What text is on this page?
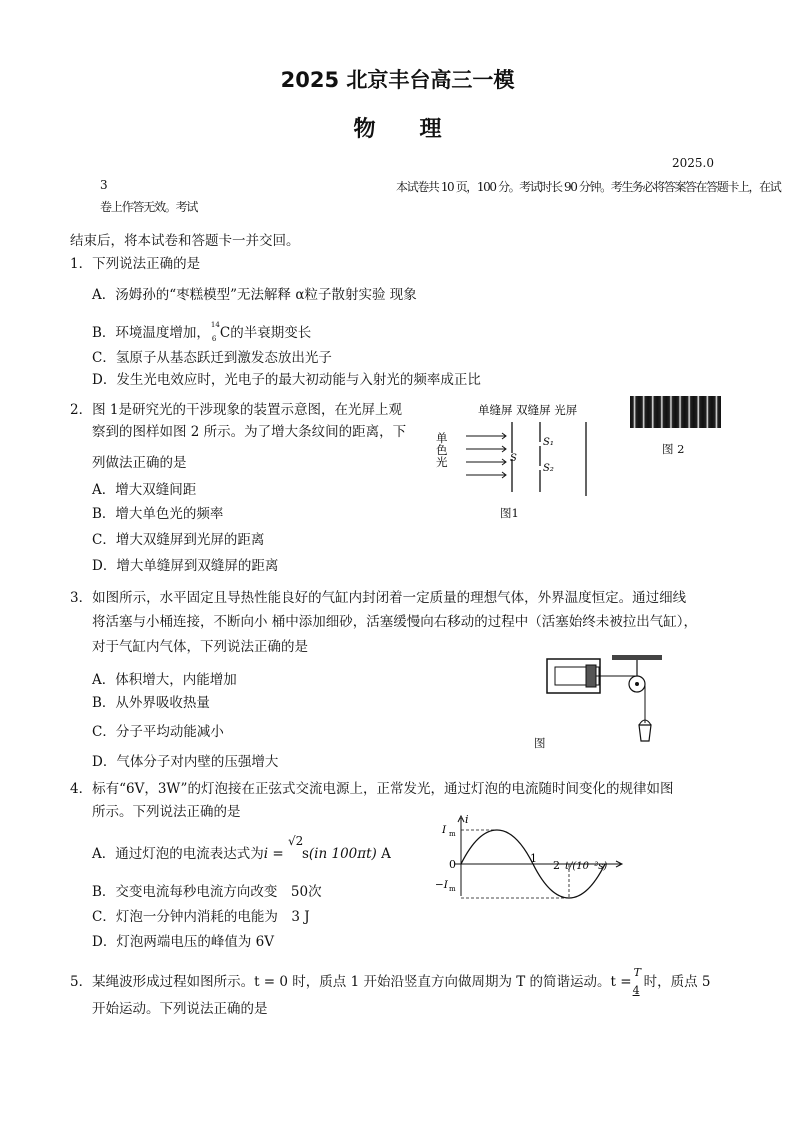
2025 北京丰台高三一模
物　　理
2025.0
3	本试卷共 10 页，100 分。考试时长 90 分钟。考生务必将答案答在答题卡上，在试
卷上作答无效。考试
结束后，将本试卷和答题卡一并交回。
1．下列说法正确的是
A．汤姆孙的“枣糕模型”无法解释 α粒子散射实验 现象
B．环境温度增加，
14
6 C的半衰期变长
C．氢原子从基态跃迁到激发态放出光子
D．发生光电效应时，光电子的最大初动能与入射光的频率成正比
2．图 1是研究光的干涉现象的装置示意图，在光屏上观
察到的图样如图 2 所示。为了增大条纹间的距离，下
列做法正确的是
A．增大双缝间距
B．增大单色光的频率
C．增大双缝屏到光屏的距离
D．增大单缝屏到双缝屏的距离
单缝屏 双缝屏 光屏
单
色
光	S
S₁
S₂
图1
图 2
3．如图所示，水平固定且导热性能良好的气缸内封闭着一定质量的理想气体，外界温度恒定。通过细线
将活塞与小桶连接，不断向小 桶中添加细砂，活塞缓慢向右移动的过程中（活塞始终未被拉出气缸），
对于气缸内气体，下列说法正确的是
A．体积增大，内能增加
B．从外界吸收热量
C．分子平均动能减小
D．气体分子对内壁的压强增大
图
4．标有“6V，3W”的灯泡接在正弦式交流电源上，正常发光，通过灯泡的电流随时间变化的规律如图
所示。下列说法正确的是
A．通过灯泡的电流表达式为i =
√2
s(in 100πt) A
B．交变电流每秒电流方向改变　50次
C．灯泡一分钟内消耗的电能为　3 J
D．灯泡两端电压的峰值为 6V
i
I m
−I m
0	1
2 t/(10⁻²s)
5．某绳波形成过程如图所示。t = 0 时，质点 1 开始沿竖直方向做周期为 T 的简谐运动。t =
T
4 时，质点 5
开始运动。下列说法正确的是
